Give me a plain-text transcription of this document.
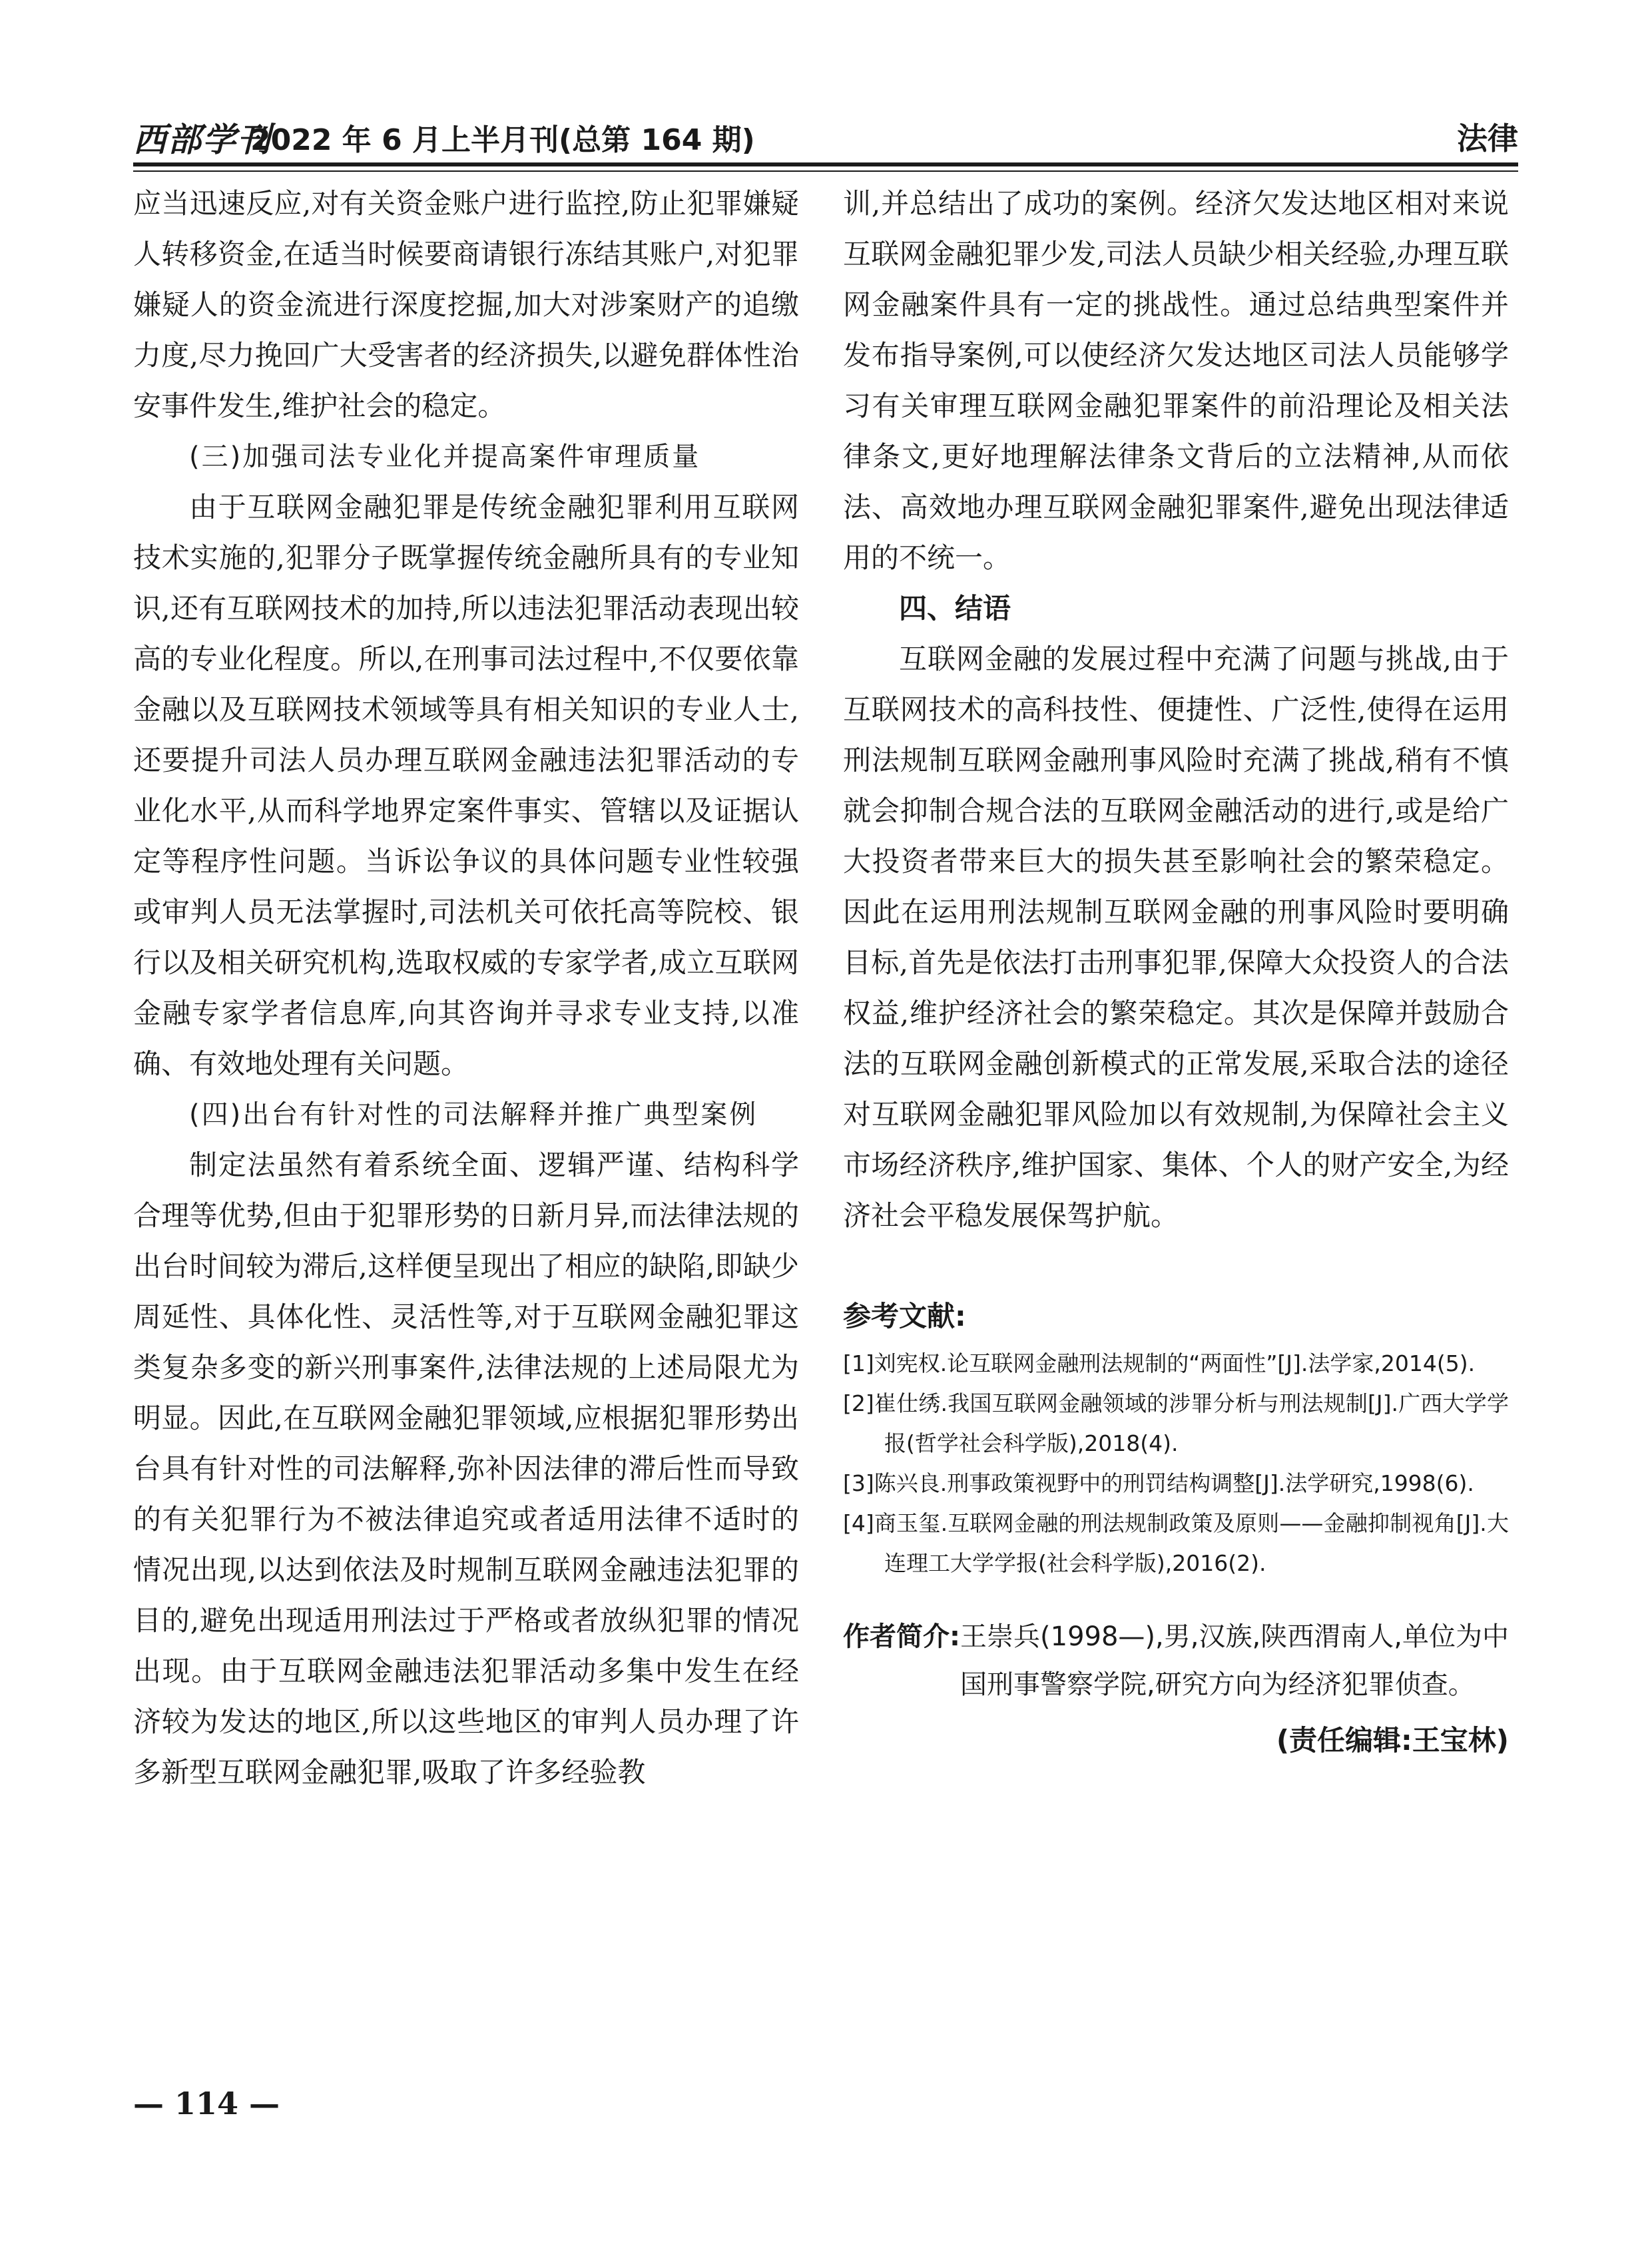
西部学刊
2022 年 6 月上半月刊(总第 164 期)	法律

应当迅速反应,对有关资金账户进行监控,防止犯罪嫌疑人转移资金,在适当时候要商请银行冻结其账户,对犯罪嫌疑人的资金流进行深度挖掘,加大对涉案财产的追缴力度,尽力挽回广大受害者的经济损失,以避免群体性治安事件发生,维护社会的稳定。

(三)加强司法专业化并提高案件审理质量

由于互联网金融犯罪是传统金融犯罪利用互联网技术实施的,犯罪分子既掌握传统金融所具有的专业知识,还有互联网技术的加持,所以违法犯罪活动表现出较高的专业化程度。所以,在刑事司法过程中,不仅要依靠金融以及互联网技术领域等具有相关知识的专业人士,还要提升司法人员办理互联网金融违法犯罪活动的专业化水平,从而科学地界定案件事实、管辖以及证据认定等程序性问题。当诉讼争议的具体问题专业性较强或审判人员无法掌握时,司法机关可依托高等院校、银行以及相关研究机构,选取权威的专家学者,成立互联网金融专家学者信息库,向其咨询并寻求专业支持,以准确、有效地处理有关问题。

(四)出台有针对性的司法解释并推广典型案例

制定法虽然有着系统全面、逻辑严谨、结构科学合理等优势,但由于犯罪形势的日新月异,而法律法规的出台时间较为滞后,这样便呈现出了相应的缺陷,即缺少周延性、具体化性、灵活性等,对于互联网金融犯罪这类复杂多变的新兴刑事案件,法律法规的上述局限尤为明显。因此,在互联网金融犯罪领域,应根据犯罪形势出台具有针对性的司法解释,弥补因法律的滞后性而导致的有关犯罪行为不被法律追究或者适用法律不适时的情况出现,以达到依法及时规制互联网金融违法犯罪的目的,避免出现适用刑法过于严格或者放纵犯罪的情况出现。由于互联网金融违法犯罪活动多集中发生在经济较为发达的地区,所以这些地区的审判人员办理了许多新型互联网金融犯罪,吸取了许多经验教

训,并总结出了成功的案例。经济欠发达地区相对来说互联网金融犯罪少发,司法人员缺少相关经验,办理互联网金融案件具有一定的挑战性。通过总结典型案件并发布指导案例,可以使经济欠发达地区司法人员能够学习有关审理互联网金融犯罪案件的前沿理论及相关法律条文,更好地理解法律条文背后的立法精神,从而依法、高效地办理互联网金融犯罪案件,避免出现法律适用的不统一。

四、结语

互联网金融的发展过程中充满了问题与挑战,由于互联网技术的高科技性、便捷性、广泛性,使得在运用刑法规制互联网金融刑事风险时充满了挑战,稍有不慎就会抑制合规合法的互联网金融活动的进行,或是给广大投资者带来巨大的损失甚至影响社会的繁荣稳定。因此在运用刑法规制互联网金融的刑事风险时要明确目标,首先是依法打击刑事犯罪,保障大众投资人的合法权益,维护经济社会的繁荣稳定。其次是保障并鼓励合法的互联网金融创新模式的正常发展,采取合法的途径对互联网金融犯罪风险加以有效规制,为保障社会主义市场经济秩序,维护国家、集体、个人的财产安全,为经济社会平稳发展保驾护航。

参考文献:

[1]刘宪权.论互联网金融刑法规制的“两面性”[J].法学家,2014(5).
[2]崔仕绣.我国互联网金融领域的涉罪分析与刑法规制[J].广西大学学报(哲学社会科学版),2018(4).
[3]陈兴良.刑事政策视野中的刑罚结构调整[J].法学研究,1998(6).
[4]商玉玺.互联网金融的刑法规制政策及原则——金融抑制视角[J].大连理工大学学报(社会科学版),2016(2).

作者简介: 王崇兵(1998—),男,汉族,陕西渭南人,单位为中国刑事警察学院,研究方向为经济犯罪侦查。

(责任编辑:王宝林)

— 114 —
